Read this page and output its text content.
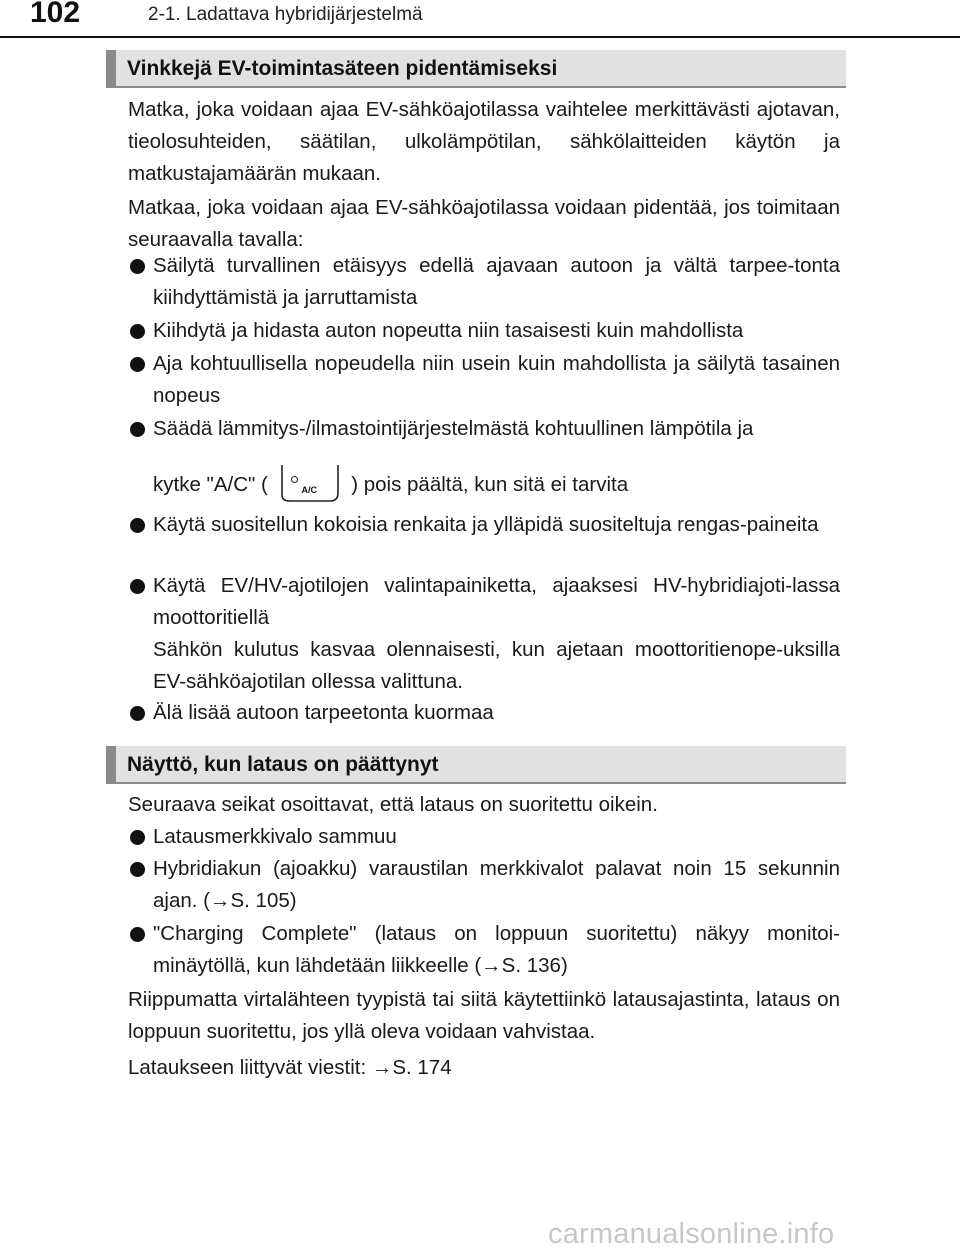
102	2-1. Ladattava hybridijärjestelmä
Vinkkejä EV-toimintasäteen pidentämiseksi

Matka, joka voidaan ajaa EV-sähköajotilassa vaihtelee merkittävästi ajotavan, tieolosuhteiden, säätilan, ulkolämpötilan, sähkölaitteiden käytön ja matkustajamäärän mukaan.

Matkaa, joka voidaan ajaa EV-sähköajotilassa voidaan pidentää, jos toimitaan seuraavalla tavalla:

Säilytä turvallinen etäisyys edellä ajavaan autoon ja vältä tarpee-tonta kiihdyttämistä ja jarruttamista
Kiihdytä ja hidasta auton nopeutta niin tasaisesti kuin mahdollista
Aja kohtuullisella nopeudella niin usein kuin mahdollista ja säilytä tasainen nopeus
Säädä lämmitys-/ilmastointijärjestelmästä kohtuullinen lämpötila ja
kytke "A/C" (	A/C ) pois päältä, kun sitä ei tarvita
Käytä suositellun kokoisia renkaita ja ylläpidä suositeltuja rengas-paineita
Käytä EV/HV-ajotilojen valintapainiketta, ajaaksesi HV-hybridiajoti-lassa moottoritiellä
Sähkön kulutus kasvaa olennaisesti, kun ajetaan moottoritienope-uksilla EV-sähköajotilan ollessa valittuna.
Älä lisää autoon tarpeetonta kuormaa
Näyttö, kun lataus on päättynyt

Seuraava seikat osoittavat, että lataus on suoritettu oikein.

Latausmerkkivalo sammuu
Hybridiakun (ajoakku) varaustilan merkkivalot palavat noin 15 sekunnin ajan. (→S. 105)
"Charging Complete" (lataus on loppuun suoritettu) näkyy monitoi-minäytöllä, kun lähdetään liikkeelle (→S. 136)

Riippumatta virtalähteen tyypistä tai siitä käytettiinkö latausajastinta, lataus on loppuun suoritettu, jos yllä oleva voidaan vahvistaa.

Lataukseen liittyvät viestit: →S. 174

carmanualsonline.info
